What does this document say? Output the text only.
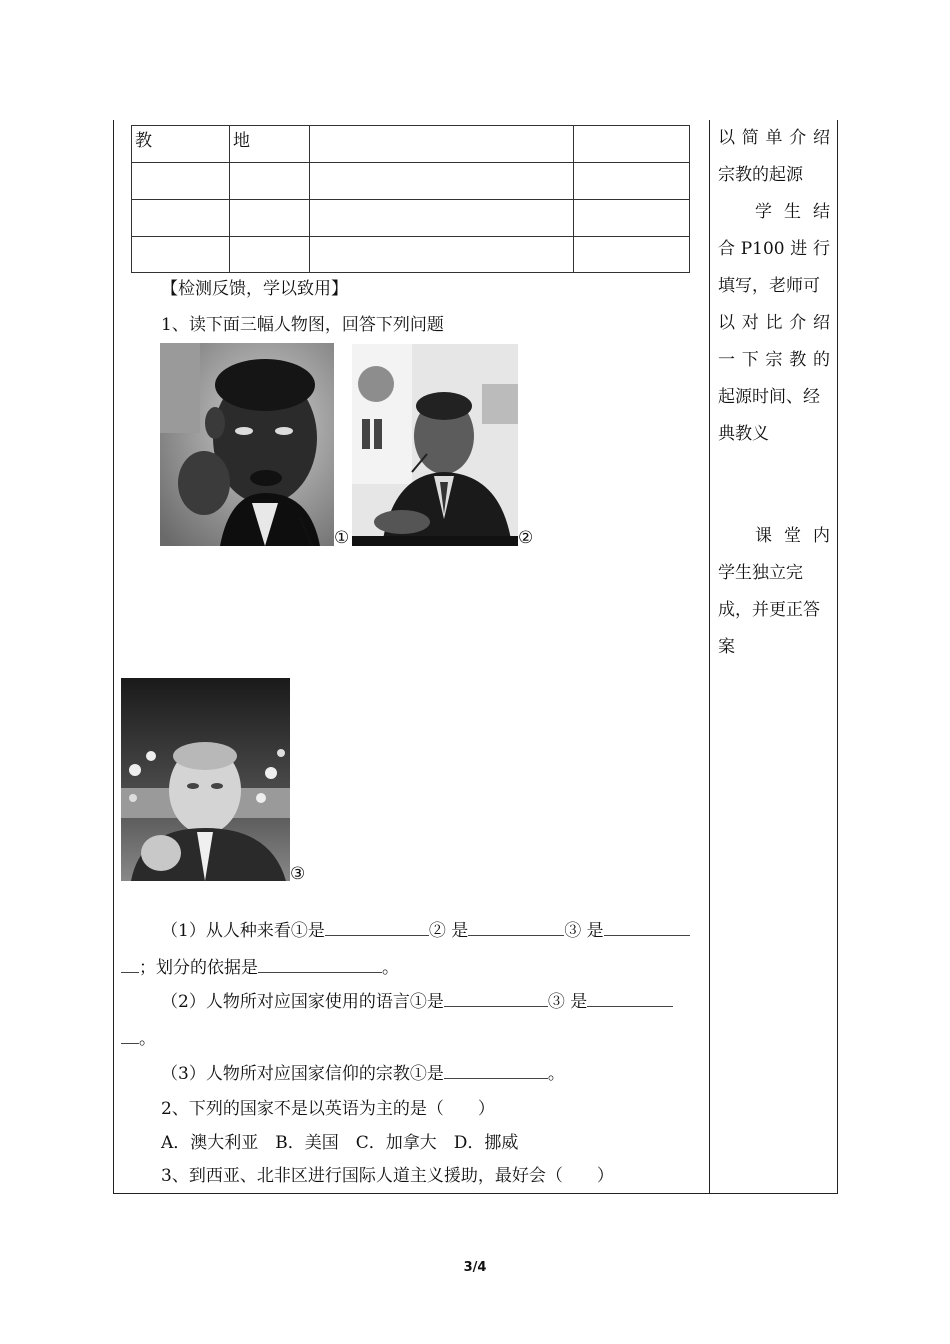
教	地		

【检测反馈，学以致用】
1、读下面三幅人物图，回答下列问题
①	②
③
（1）从人种来看①是	② 是	③ 是
；划分的依据是	。
（2）人物所对应国家使用的语言①是	③ 是
。
（3）人物所对应国家信仰的宗教①是	。
2、下列的国家不是以英语为主的是（　　）
A．澳大利亚　B．美国　C．加拿大　D．挪威
3、到西亚、北非区进行国际人道主义援助，最好会（　　）

以 简 单 介 绍

宗教的起源

学 生 结

合 P100 进 行

填写，老师可

以 对 比 介 绍

一 下 宗 教 的

起源时间、经

典教义

课 堂 内

学生独立完

成，并更正答

案

3/4
